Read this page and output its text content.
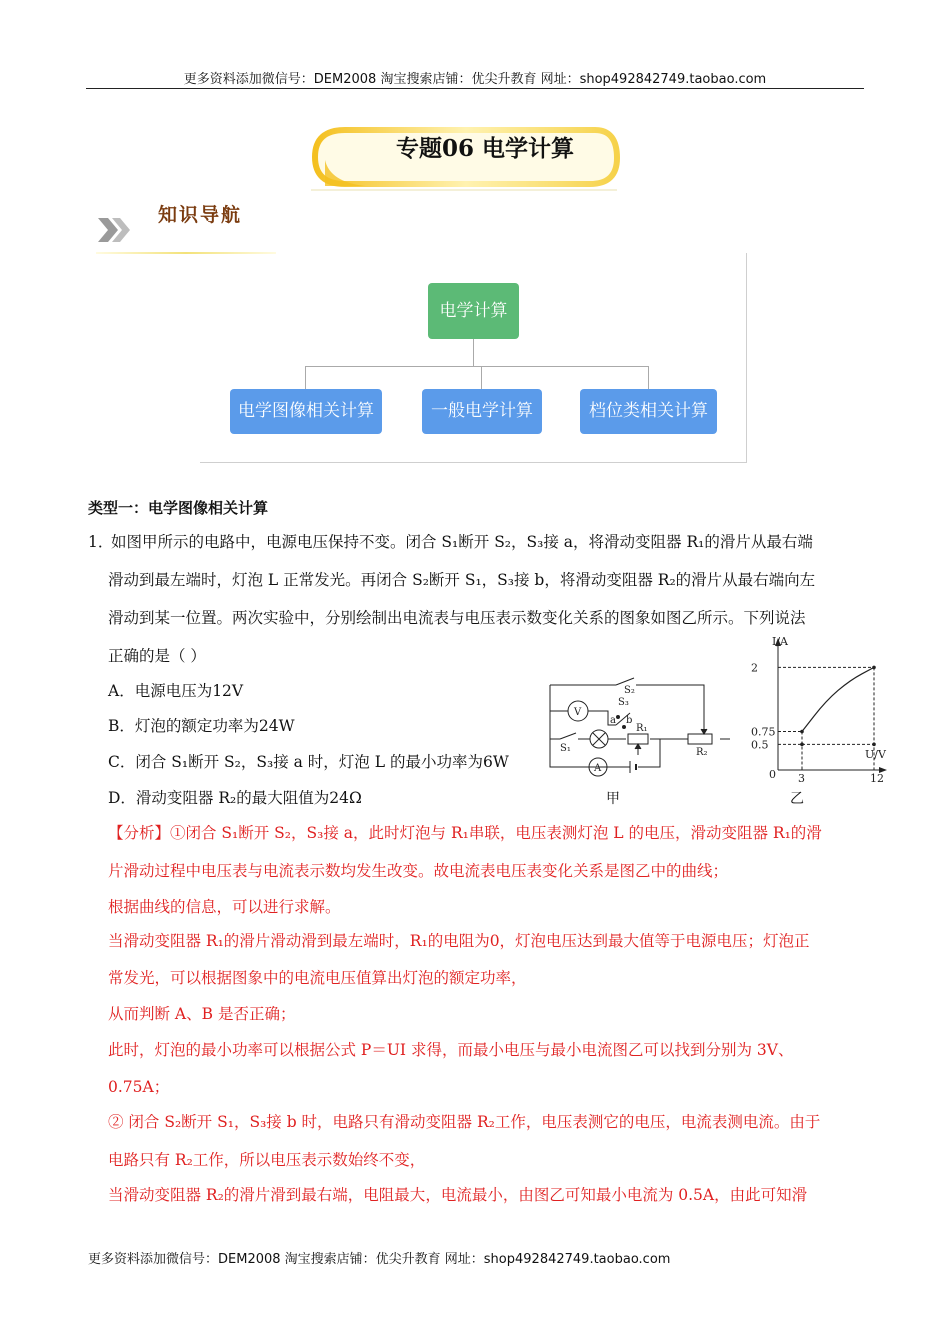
更多资料添加微信号：DEM2008 淘宝搜索店铺：优尖升教育 网址：shop492842749.taobao.com
专题06 电学计算
知识导航
电学计算
电学图像相关计算	一般电学计算	档位类相关计算
类型一：电学图像相关计算
1．
如图甲所示的电路中，电源电压保持不变。闭合 S₁断开 S₂，S₃接 a，将滑动变阻器 R₁的滑片从最右端
滑动到最左端时，灯泡 L 正常发光。再闭合 S₂断开 S₁，S₃接 b，将滑动变阻器 R₂的滑片从最右端向左
滑动到某一位置。两次实验中，分别绘制出电流表与电压表示数变化关系的图象如图乙所示。下列说法
正确的是（ ）
A．电源电压为12V
B．灯泡的额定功率为24W
C．闭合 S₁断开 S₂，S₃接 a 时，灯泡 L 的最小功率为6W
D．滑动变阻器 R₂的最大阻值为24Ω
V
A
S₂
S₃
a b
R₁
R₂
S₁
甲
0.5
0.75
2
3	12
I/A
U/V
0
乙
【分析】①闭合 S₁断开 S₂，S₃接 a，此时灯泡与 R₁串联，电压表测灯泡 L 的电压，滑动变阻器 R₁的滑
片滑动过程中电压表与电流表示数均发生改变。故电流表电压表变化关系是图乙中的曲线；
根据曲线的信息，可以进行求解。
当滑动变阻器 R₁的滑片滑动滑到最左端时，R₁的电阻为0，灯泡电压达到最大值等于电源电压；灯泡正
常发光，可以根据图象中的电流电压值算出灯泡的额定功率，
从而判断 A、B 是否正确；
此时，灯泡的最小功率可以根据公式 P＝UI 求得，而最小电压与最小电流图乙可以找到分别为 3V、
0.75A；
② 闭合 S₂断开 S₁，S₃接 b 时，电路只有滑动变阻器 R₂工作，电压表测它的电压，电流表测电流。由于
电路只有 R₂工作，所以电压表示数始终不变，
当滑动变阻器 R₂的滑片滑到最右端，电阻最大，电流最小，由图乙可知最小电流为 0.5A，由此可知滑
更多资料添加微信号：DEM2008 淘宝搜索店铺：优尖升教育 网址：shop492842749.taobao.com
